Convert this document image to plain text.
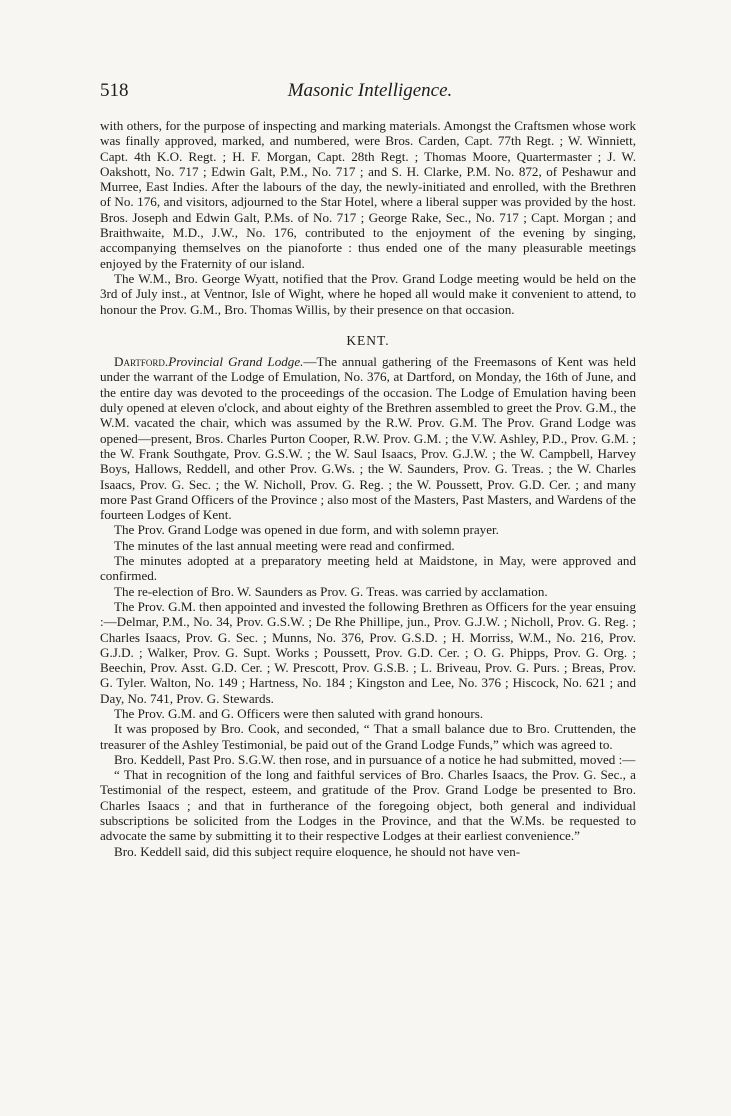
518	Masonic Intelligence.

with others, for the purpose of inspecting and marking materials. Amongst the Craftsmen whose work was finally approved, marked, and numbered, were Bros. Carden, Capt. 77th Regt. ; W. Winniett, Capt. 4th K.O. Regt. ; H. F. Morgan, Capt. 28th Regt. ; Thomas Moore, Quartermaster ; J. W. Oakshott, No. 717 ; Edwin Galt, P.M., No. 717 ; and S. H. Clarke, P.M. No. 872, of Peshawur and Murree, East Indies. After the labours of the day, the newly-initiated and enrolled, with the Brethren of No. 176, and visitors, adjourned to the Star Hotel, where a liberal supper was provided by the host. Bros. Joseph and Edwin Galt, P.Ms. of No. 717 ; George Rake, Sec., No. 717 ; Capt. Morgan ; and Braithwaite, M.D., J.W., No. 176, contributed to the enjoyment of the evening by singing, accompanying themselves on the pianoforte : thus ended one of the many pleasurable meetings enjoyed by the Fraternity of our island.

The W.M., Bro. George Wyatt, notified that the Prov. Grand Lodge meeting would be held on the 3rd of July inst., at Ventnor, Isle of Wight, where he hoped all would make it convenient to attend, to honour the Prov. G.M., Bro. Thomas Willis, by their presence on that occasion.

KENT.

Dartford.Provincial Grand Lodge.—The annual gathering of the Freemasons of Kent was held under the warrant of the Lodge of Emulation, No. 376, at Dartford, on Monday, the 16th of June, and the entire day was devoted to the proceedings of the occasion. The Lodge of Emulation having been duly opened at eleven o'clock, and about eighty of the Brethren assembled to greet the Prov. G.M., the W.M. vacated the chair, which was assumed by the R.W. Prov. G.M. The Prov. Grand Lodge was opened—present, Bros. Charles Purton Cooper, R.W. Prov. G.M. ; the V.W. Ashley, P.D., Prov. G.M. ; the W. Frank Southgate, Prov. G.S.W. ; the W. Saul Isaacs, Prov. G.J.W. ; the W. Campbell, Harvey Boys, Hallows, Reddell, and other Prov. G.Ws. ; the W. Saunders, Prov. G. Treas. ; the W. Charles Isaacs, Prov. G. Sec. ; the W. Nicholl, Prov. G. Reg. ; the W. Poussett, Prov. G.D. Cer. ; and many more Past Grand Officers of the Province ; also most of the Masters, Past Masters, and Wardens of the fourteen Lodges of Kent.

The Prov. Grand Lodge was opened in due form, and with solemn prayer.

The minutes of the last annual meeting were read and confirmed.

The minutes adopted at a preparatory meeting held at Maidstone, in May, were approved and confirmed.

The re-election of Bro. W. Saunders as Prov. G. Treas. was carried by acclamation.

The Prov. G.M. then appointed and invested the following Brethren as Officers for the year ensuing :—Delmar, P.M., No. 34, Prov. G.S.W. ; De Rhe Phillipe, jun., Prov. G.J.W. ; Nicholl, Prov. G. Reg. ; Charles Isaacs, Prov. G. Sec. ; Munns, No. 376, Prov. G.S.D. ; H. Morriss, W.M., No. 216, Prov. G.J.D. ; Walker, Prov. G. Supt. Works ; Poussett, Prov. G.D. Cer. ; O. G. Phipps, Prov. G. Org. ; Beechin, Prov. Asst. G.D. Cer. ; W. Prescott, Prov. G.S.B. ; L. Briveau, Prov. G. Purs. ; Breas, Prov. G. Tyler. Walton, No. 149 ; Hartness, No. 184 ; Kingston and Lee, No. 376 ; Hiscock, No. 621 ; and Day, No. 741, Prov. G. Stewards.

The Prov. G.M. and G. Officers were then saluted with grand honours.

It was proposed by Bro. Cook, and seconded, “ That a small balance due to Bro. Cruttenden, the treasurer of the Ashley Testimonial, be paid out of the Grand Lodge Funds,” which was agreed to.

Bro. Keddell, Past Pro. S.G.W. then rose, and in pursuance of a notice he had submitted, moved :—

“ That in recognition of the long and faithful services of Bro. Charles Isaacs, the Prov. G. Sec., a Testimonial of the respect, esteem, and gratitude of the Prov. Grand Lodge be presented to Bro. Charles Isaacs ; and that in furtherance of the foregoing object, both general and individual subscriptions be solicited from the Lodges in the Province, and that the W.Ms. be requested to advocate the same by submitting it to their respective Lodges at their earliest convenience.”

Bro. Keddell said, did this subject require eloquence, he should not have ven-
